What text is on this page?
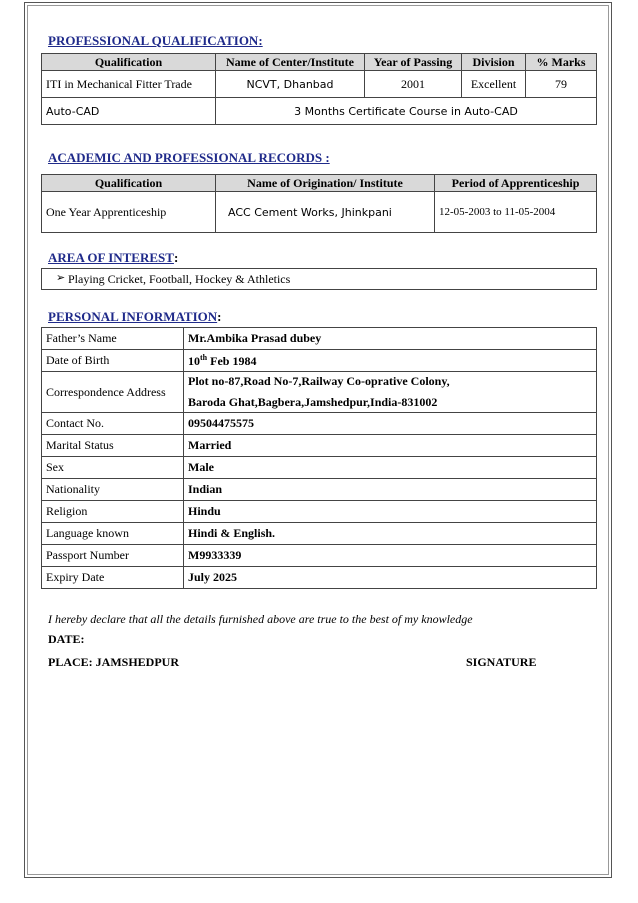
PROFESSIONAL QUALIFICATION:
Qualification	Name of Center/Institute	Year of Passing	Division	% Marks
ITI in Mechanical Fitter Trade	NCVT, Dhanbad	2001	Excellent	79
Auto-CAD	3 Months Certificate Course in Auto-CAD			
ACADEMIC AND PROFESSIONAL RECORDS :
Qualification	Name of Origination/ Institute	Period of Apprenticeship
One Year Apprenticeship	ACC Cement Works, Jhinkpani	12-05-2003 to 11-05-2004
AREA OF INTEREST:
Playing Cricket, Football, Hockey & Athletics
➢
PERSONAL INFORMATION:
Father’s Name	Mr.Ambika Prasad dubey
Date of Birth	10th Feb 1984
Correspondence Address	Plot no-87,Road No-7,Railway Co-oprative Colony,
Baroda Ghat,Bagbera,Jamshedpur,India-831002

Contact No.	09504475575
Marital Status	Married
Sex	Male
Nationality	Indian
Religion	Hindu
Language known	Hindi & English.
Passport Number	M9933339
Expiry Date	July 2025
I hereby declare that all the details furnished above are true to the best of my knowledge
DATE:
PLACE: JAMSHEDPUR	SIGNATURE
